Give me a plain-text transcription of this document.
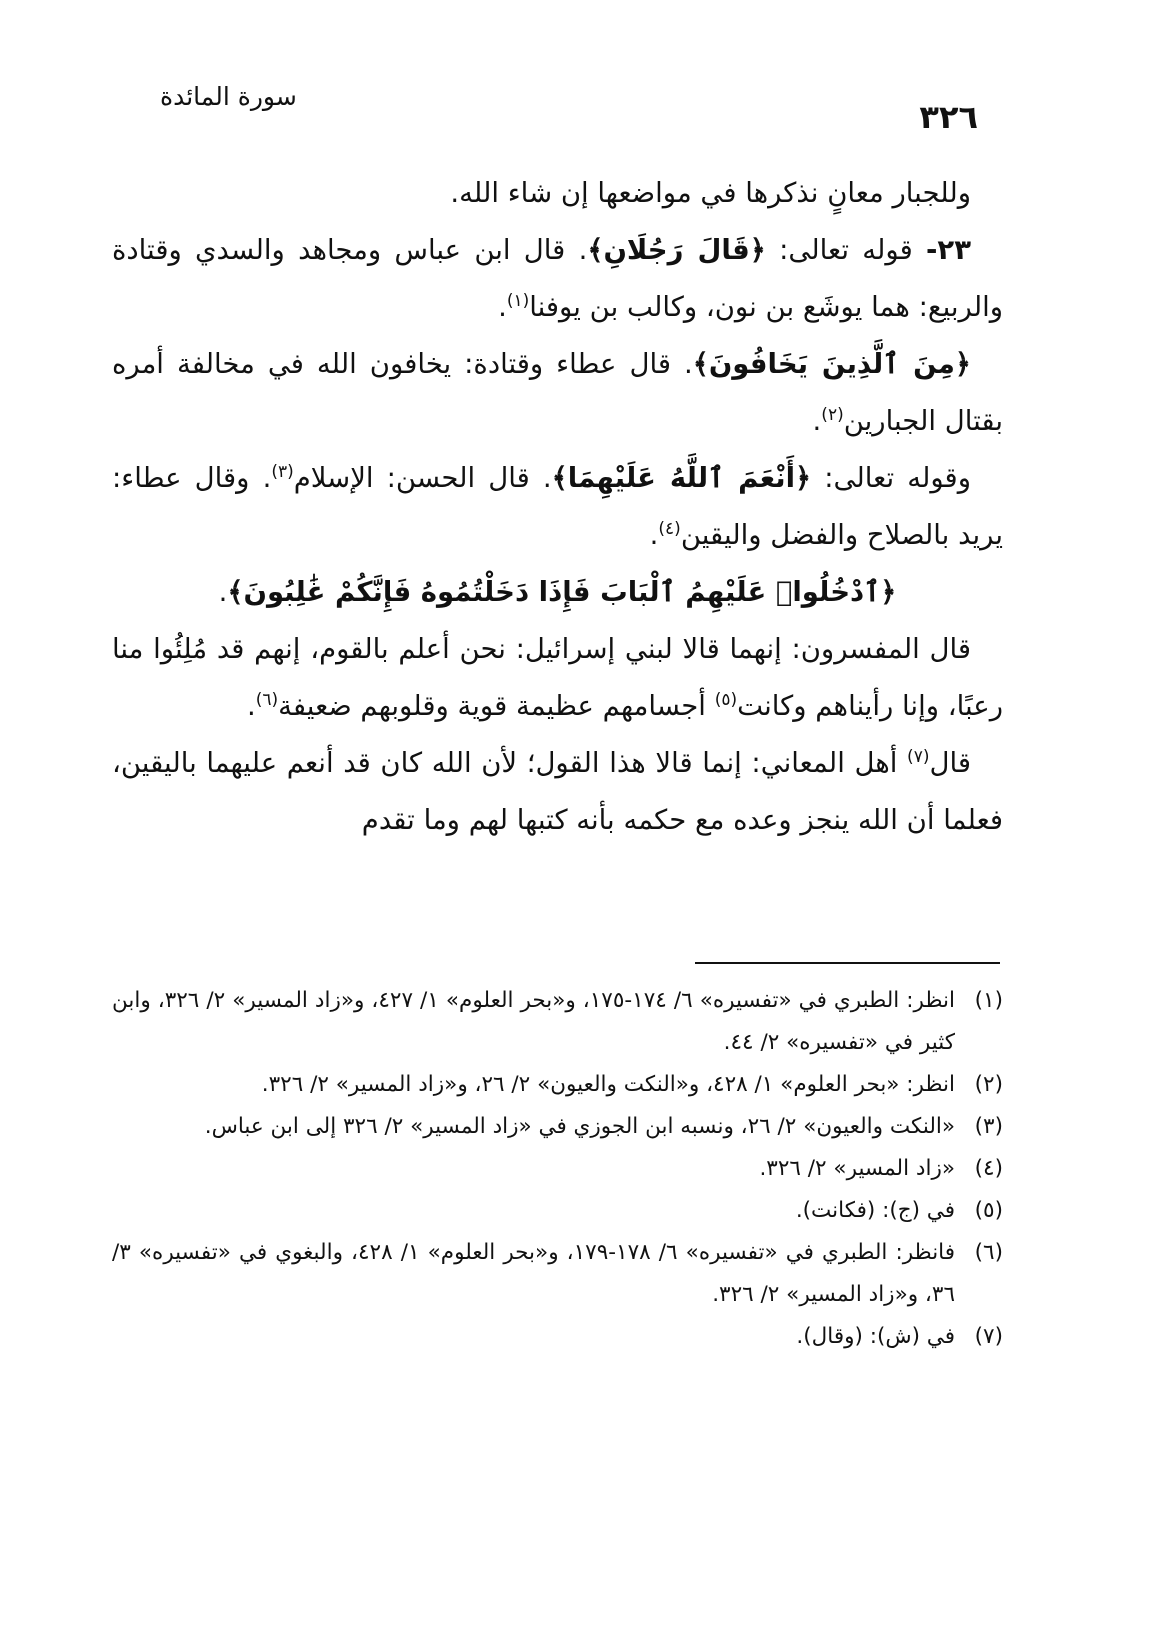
سورة المائدة
٣٢٦

وللجبار معانٍ نذكرها في مواضعها إن شاء الله.

٢٣- قوله تعالى: ﴿قَالَ رَجُلَانِ﴾. قال ابن عباس ومجاهد والسدي وقتادة والربيع: هما يوشَع بن نون، وكالب بن يوفنا$^{(١)}$.

﴿مِنَ ٱلَّذِينَ يَخَافُونَ﴾. قال عطاء وقتادة: يخافون الله في مخالفة أمره بقتال الجبارين$^{(٢)}$.

وقوله تعالى: ﴿أَنْعَمَ ٱللَّهُ عَلَيْهِمَا﴾. قال الحسن: الإسلام$^{(٣)}$. وقال عطاء: يريد بالصلاح والفضل واليقين$^{(٤)}$.

﴿ٱدْخُلُوا۟ عَلَيْهِمُ ٱلْبَابَ فَإِذَا دَخَلْتُمُوهُ فَإِنَّكُمْ غَٰلِبُونَ﴾.

قال المفسرون: إنهما قالا لبني إسرائيل: نحن أعلم بالقوم، إنهم قد مُلِئُوا منا رعبًا، وإنا رأيناهم وكانت$^{(٥)}$ أجسامهم عظيمة قوية وقلوبهم ضعيفة$^{(٦)}$.

قال$^{(٧)}$ أهل المعاني: إنما قالا هذا القول؛ لأن الله كان قد أنعم عليهما باليقين، فعلما أن الله ينجز وعده مع حكمه بأنه كتبها لهم وما تقدم

(١)
انظر: الطبري في «تفسيره» ٦/ ١٧٤-١٧٥، و«بحر العلوم» ١/ ٤٢٧، و«زاد المسير» ٢/ ٣٢٦، وابن كثير في «تفسيره» ٢/ ٤٤.
(٢)
انظر: «بحر العلوم» ١/ ٤٢٨، و«النكت والعيون» ٢/ ٢٦، و«زاد المسير» ٢/ ٣٢٦.
(٣)
«النكت والعيون» ٢/ ٢٦، ونسبه ابن الجوزي في «زاد المسير» ٢/ ٣٢٦ إلى ابن عباس.
(٤)
«زاد المسير» ٢/ ٣٢٦.
(٥)
في (ج): (فكانت).
(٦)
فانظر: الطبري في «تفسيره» ٦/ ١٧٨-١٧٩، و«بحر العلوم» ١/ ٤٢٨، والبغوي في «تفسيره» ٣/ ٣٦، و«زاد المسير» ٢/ ٣٢٦.
(٧)
في (ش): (وقال).
